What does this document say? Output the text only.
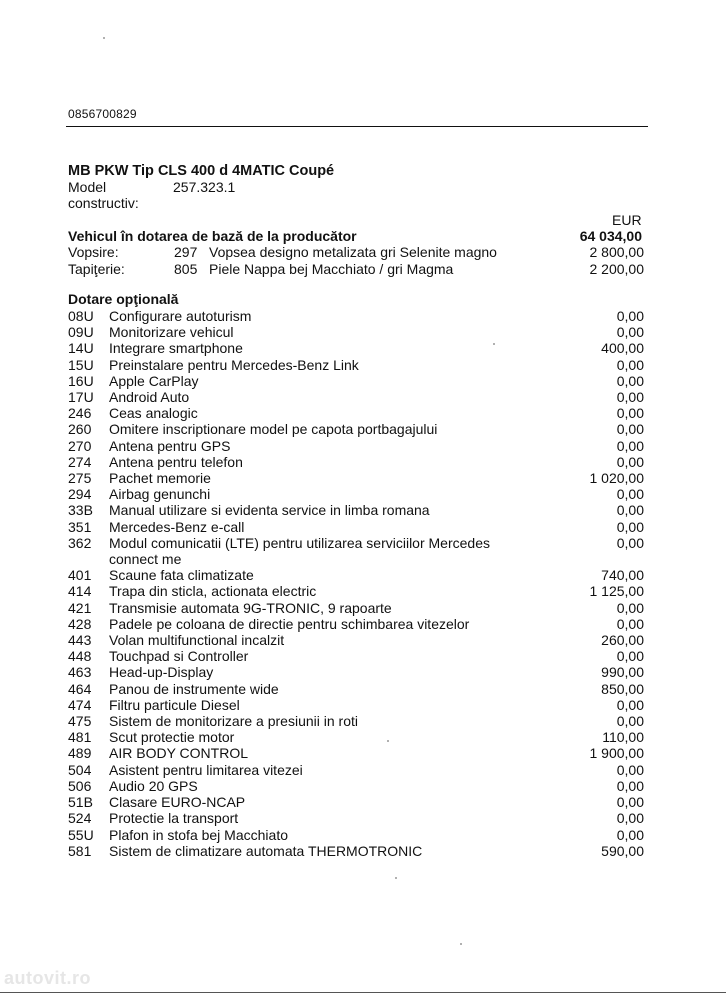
0856700829
MB PKW Tip CLS 400 d 4MATIC Coupé
Model constructiv:
257.323.1
EUR
Vehicul în dotarea de bază de la producător	64 034,00
Vopsire:	297 Vopsea designo metalizata gri Selenite magno	2 800,00
Tapiţerie:	805 Piele Nappa bej Macchiato / gri Magma	2 200,00
Dotare opţională
08U Configurare autoturism	0,00
09U Monitorizare vehicul	0,00
14U Integrare smartphone	400,00
15U Preinstalare pentru Mercedes-Benz Link	0,00
16U Apple CarPlay	0,00
17U Android Auto	0,00
246 Ceas analogic	0,00
260 Omitere inscriptionare model pe capota portbagajului	0,00
270 Antena pentru GPS	0,00
274 Antena pentru telefon	0,00
275 Pachet memorie	1 020,00
294 Airbag genunchi	0,00
33B Manual utilizare si evidenta service in limba romana	0,00
351 Mercedes-Benz e-call	0,00
362 Modul comunicatii (LTE) pentru utilizarea serviciilor Mercedes connect me
0,00
401 Scaune fata climatizate	740,00
414 Trapa din sticla, actionata electric	1 125,00
421 Transmisie automata 9G-TRONIC, 9 rapoarte	0,00
428 Padele pe coloana de directie pentru schimbarea vitezelor	0,00
443 Volan multifunctional incalzit	260,00
448 Touchpad si Controller	0,00
463 Head-up-Display	990,00
464 Panou de instrumente wide	850,00
474 Filtru particule Diesel	0,00
475 Sistem de monitorizare a presiunii in roti	0,00
481 Scut protectie motor	110,00
489 AIR BODY CONTROL	1 900,00
504 Asistent pentru limitarea vitezei	0,00
506 Audio 20 GPS	0,00
51B Clasare EURO-NCAP	0,00
524 Protectie la transport	0,00
55U Plafon in stofa bej Macchiato	0,00
581 Sistem de climatizare automata THERMOTRONIC	590,00
autovit.ro
